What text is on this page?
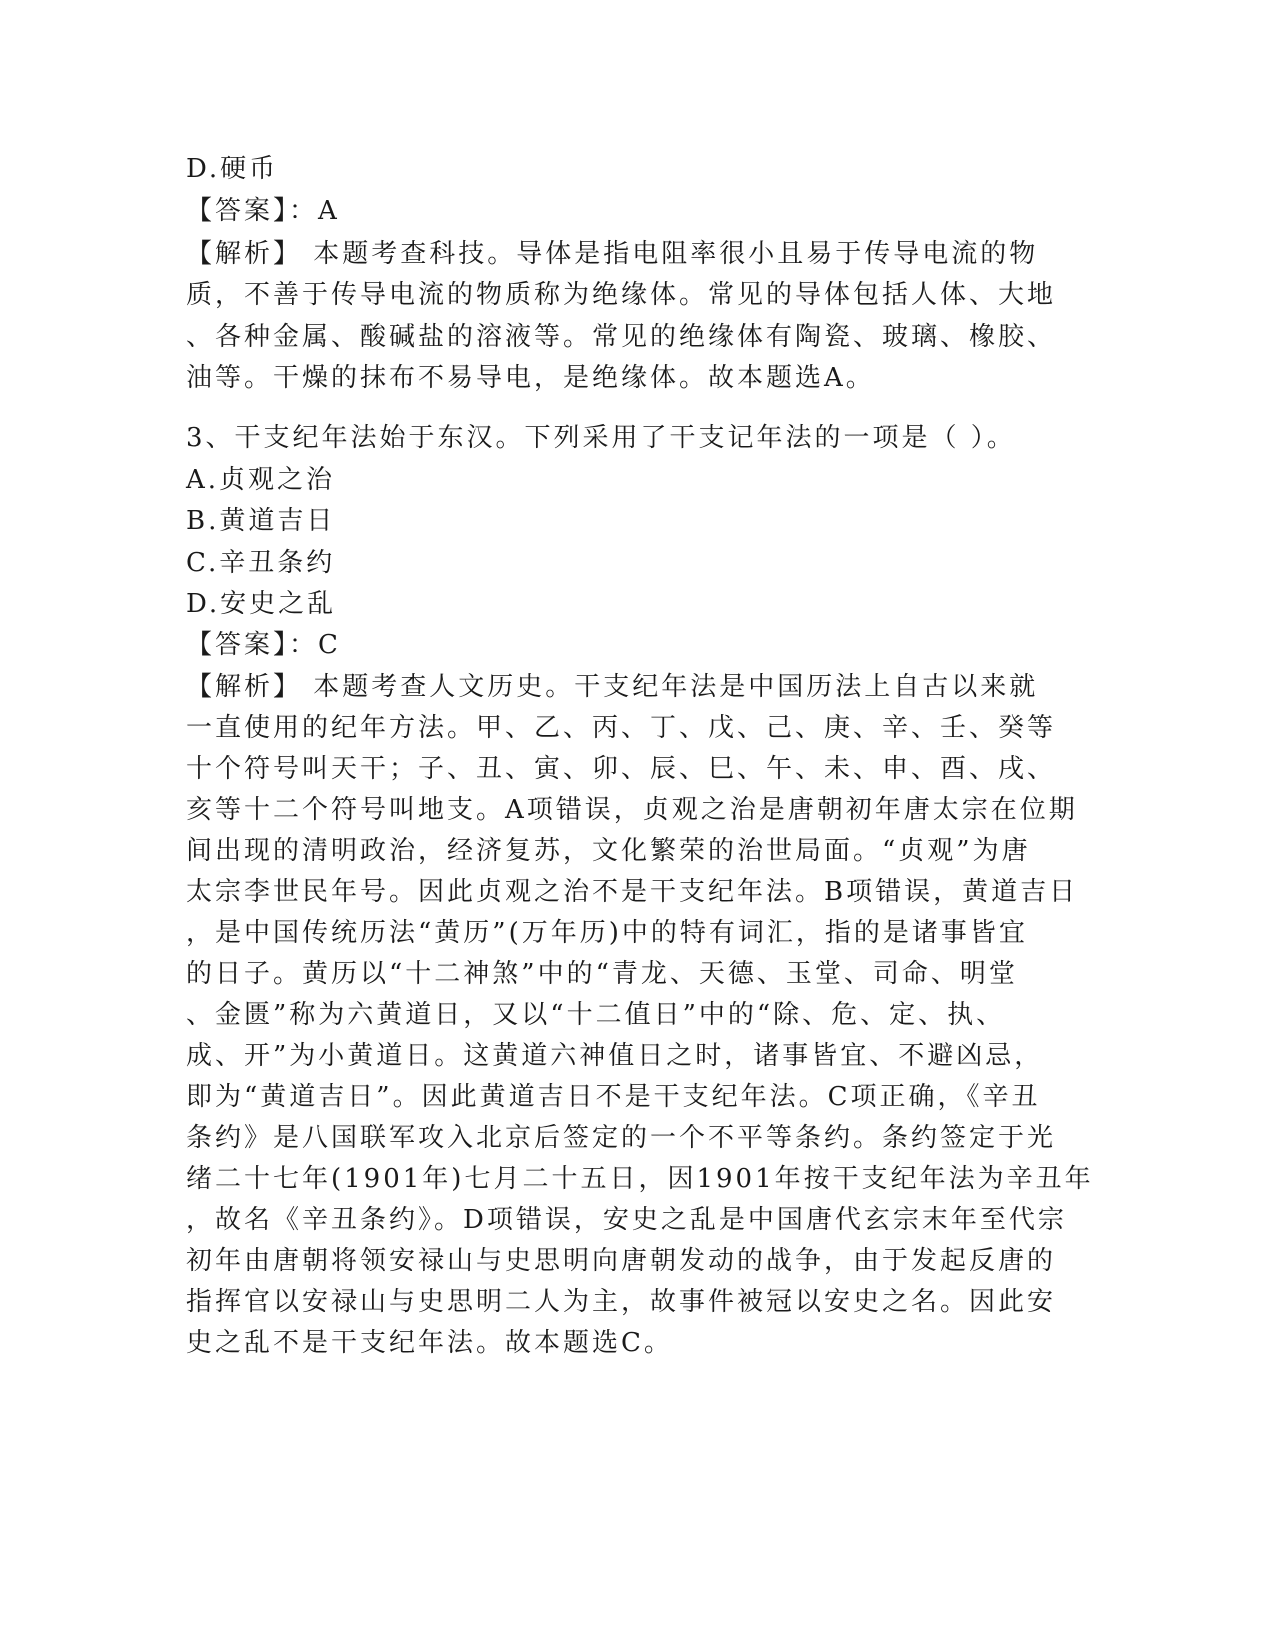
D.硬币
【答案】：A
【解析】 本题考查科技。导体是指电阻率很小且易于传导电流的物
质，不善于传导电流的物质称为绝缘体。常见的导体包括人体、大地
、各种金属、酸碱盐的溶液等。常见的绝缘体有陶瓷、玻璃、橡胶、
油等。干燥的抹布不易导电，是绝缘体。故本题选A。
3、干支纪年法始于东汉。下列采用了干支记年法的一项是（ ）。
A.贞观之治
B.黄道吉日
C.辛丑条约
D.安史之乱
【答案】：C
【解析】 本题考查人文历史。干支纪年法是中国历法上自古以来就
一直使用的纪年方法。甲、乙、丙、丁、戊、己、庚、辛、壬、癸等
十个符号叫天干；子、丑、寅、卯、辰、巳、午、未、申、酉、戌、
亥等十二个符号叫地支。A项错误，贞观之治是唐朝初年唐太宗在位期
间出现的清明政治，经济复苏，文化繁荣的治世局面。“贞观”为唐
太宗李世民年号。因此贞观之治不是干支纪年法。B项错误，黄道吉日
，是中国传统历法“黄历”(万年历)中的特有词汇，指的是诸事皆宜
的日子。黄历以“十二神煞”中的“青龙、天德、玉堂、司命、明堂
、金匮”称为六黄道日，又以“十二值日”中的“除、危、定、执、
成、开”为小黄道日。这黄道六神值日之时，诸事皆宜、不避凶忌，
即为“黄道吉日”。因此黄道吉日不是干支纪年法。C项正确，《辛丑
条约》是八国联军攻入北京后签定的一个不平等条约。条约签定于光
绪二十七年(1901年)七月二十五日，因1901年按干支纪年法为辛丑年
，故名《辛丑条约》。D项错误，安史之乱是中国唐代玄宗末年至代宗
初年由唐朝将领安禄山与史思明向唐朝发动的战争，由于发起反唐的
指挥官以安禄山与史思明二人为主，故事件被冠以安史之名。因此安
史之乱不是干支纪年法。故本题选C。
